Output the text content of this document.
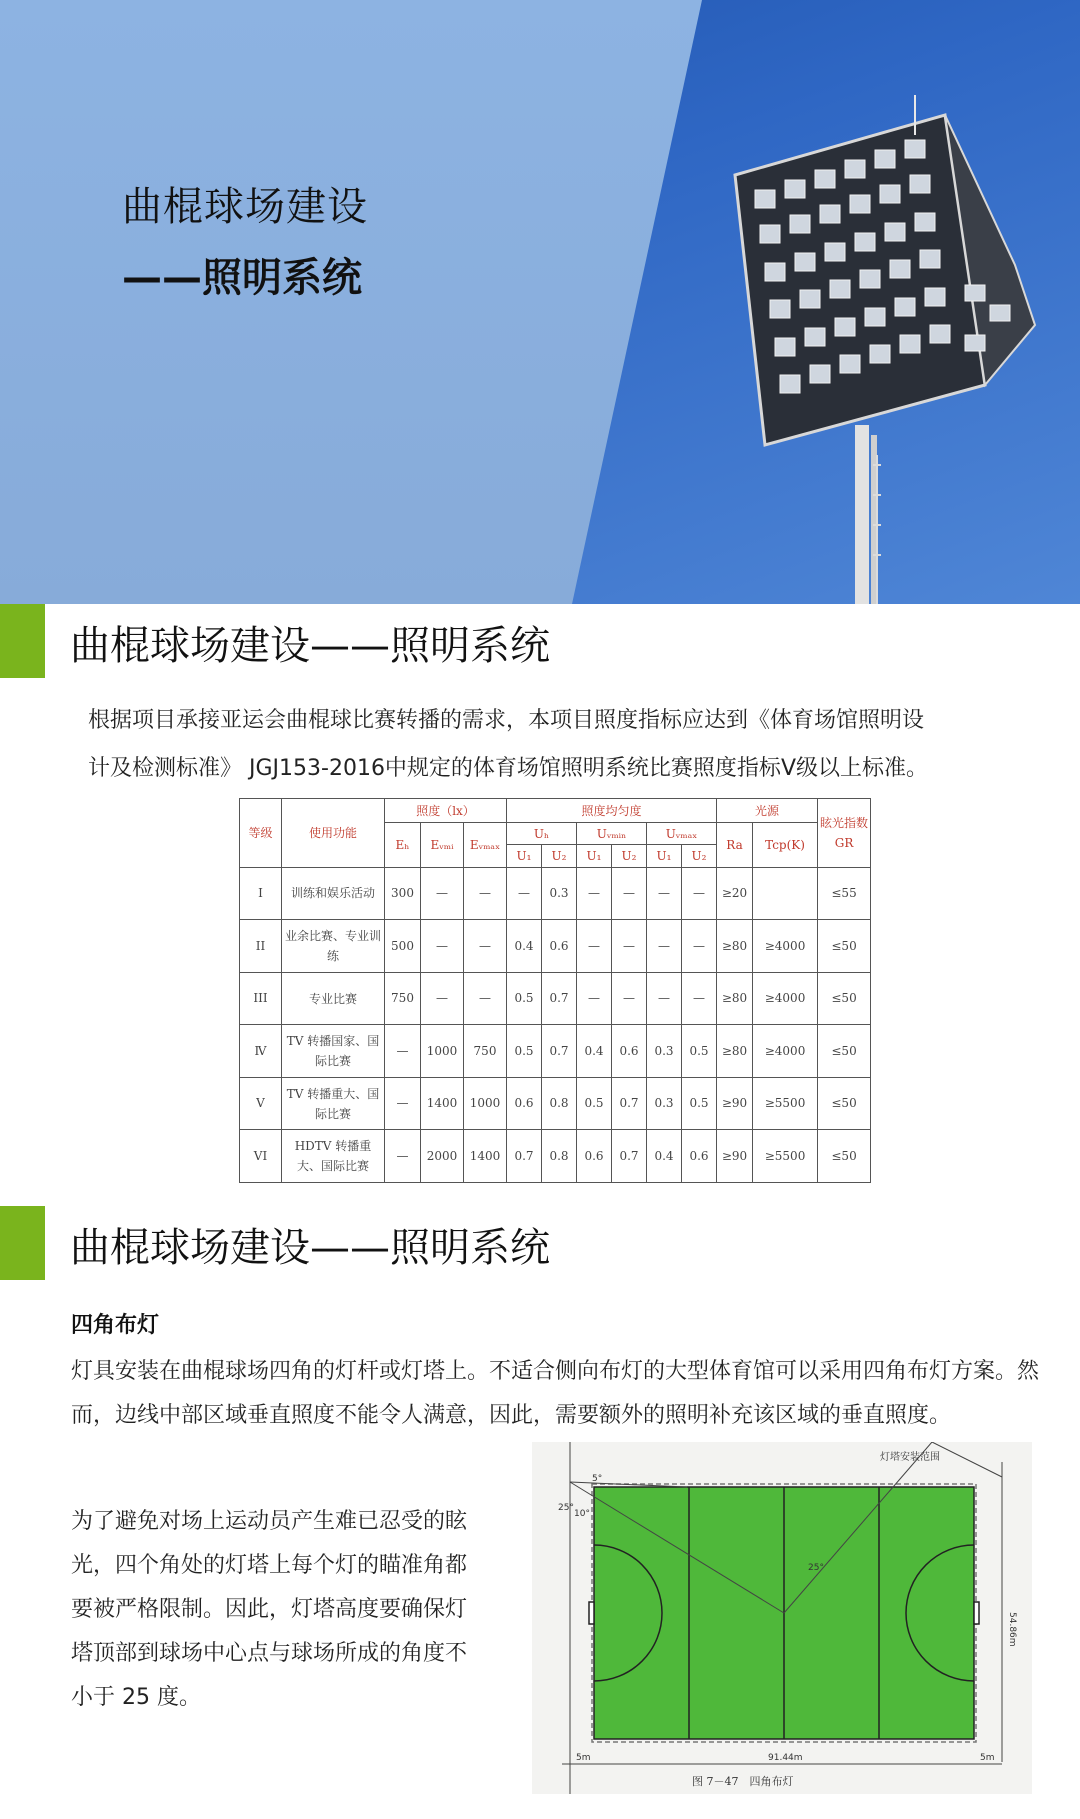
曲棍球场建设
——照明系统
曲棍球场建设——照明系统
根据项目承接亚运会曲棍球比赛转播的需求，本项目照度指标应达到《体育场馆照明设
计及检测标准》 JGJ153-2016中规定的体育场馆照明系统比赛照度指标Ⅴ级以上标准。
等级	使用功能	照度（lx）			照度均匀度						光源		眩光指数GR
		Eₕ	Eᵥₘᵢ	Eᵥₘₐₓ	Uₕ		Uᵥₘᵢₙ		Uᵥₘₐₓ		Ra	Tcp(K)	
					U₁	U₂	U₁	U₂	U₁	U₂			
I	训练和娱乐活动	300	—	—	—	0.3	—	—	—	—	≥20		≤55
II	业余比赛、专业训练	500	—	—	0.4	0.6	—	—	—	—	≥80	≥4000	≤50
III	专业比赛	750	—	—	0.5	0.7	—	—	—	—	≥80	≥4000	≤50
Ⅳ	TV 转播国家、国际比赛	—	1000	750	0.5	0.7	0.4	0.6	0.3	0.5	≥80	≥4000	≤50
V	TV 转播重大、国际比赛	—	1400	1000	0.6	0.8	0.5	0.7	0.3	0.5	≥90	≥5500	≤50
VI	HDTV 转播重大、国际比赛	—	2000	1400	0.7	0.8	0.6	0.7	0.4	0.6	≥90	≥5500	≤50
曲棍球场建设——照明系统
四角布灯
灯具安装在曲棍球场四角的灯杆或灯塔上。不适合侧向布灯的大型体育馆可以采用四角布灯方案。然而，边线中部区域垂直照度不能令人满意，因此，需要额外的照明补充该区域的垂直照度。
为了避免对场上运动员产生难已忍受的眩光，四个角处的灯塔上每个灯的瞄准角都要被严格限制。因此，灯塔高度要确保灯塔顶部到球场中心点与球场所成的角度不小于 25 度。
灯塔安装范围
25°
10°
5°
25°
54.86m
91.44m
5m	5m
图 7－47　四角布灯
